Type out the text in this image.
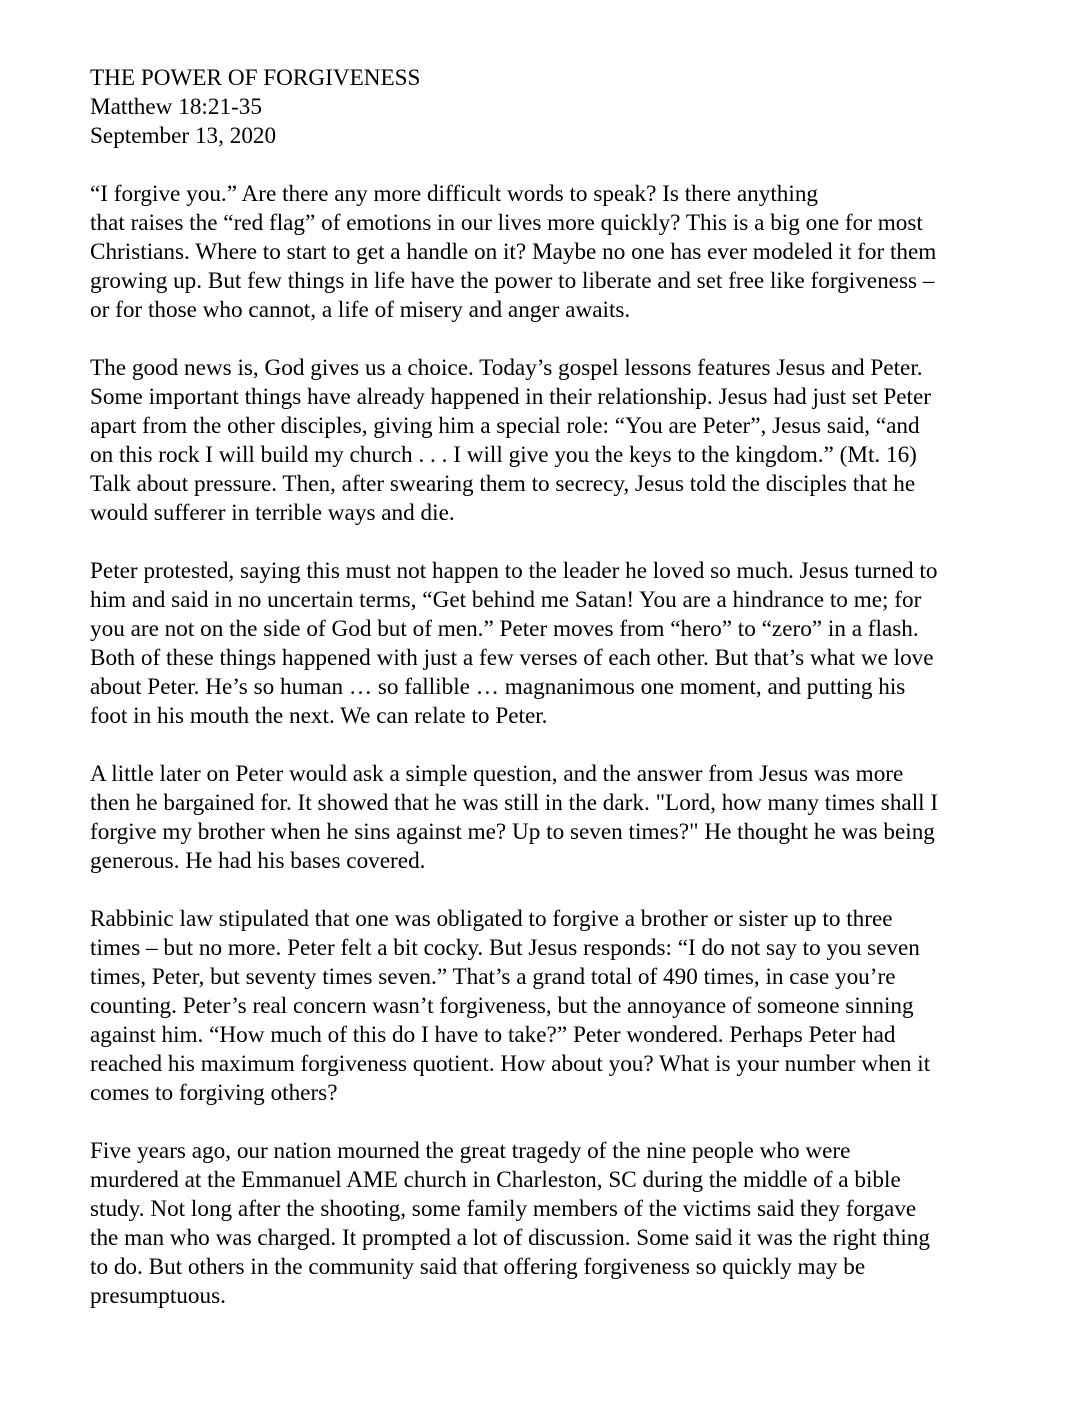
THE POWER OF FORGIVENESS
Matthew 18:21-35
September 13, 2020
“I forgive you.” Are there any more difficult words to speak? Is there anything
that raises the “red flag” of emotions in our lives more quickly? This is a big one for most
Christians. Where to start to get a handle on it? Maybe no one has ever modeled it for them
growing up. But few things in life have the power to liberate and set free like forgiveness –
or for those who cannot, a life of misery and anger awaits.
The good news is, God gives us a choice. Today’s gospel lessons features Jesus and Peter.
Some important things have already happened in their relationship. Jesus had just set Peter
apart from the other disciples, giving him a special role: “You are Peter”, Jesus said, “and
on this rock I will build my church . . . I will give you the keys to the kingdom.” (Mt. 16)
Talk about pressure. Then, after swearing them to secrecy, Jesus told the disciples that he
would sufferer in terrible ways and die.
Peter protested, saying this must not happen to the leader he loved so much. Jesus turned to
him and said in no uncertain terms, “Get behind me Satan! You are a hindrance to me; for
you are not on the side of God but of men.” Peter moves from “hero” to “zero” in a flash.
Both of these things happened with just a few verses of each other. But that’s what we love
about Peter. He’s so human … so fallible … magnanimous one moment, and putting his
foot in his mouth the next. We can relate to Peter.
A little later on Peter would ask a simple question, and the answer from Jesus was more
then he bargained for. It showed that he was still in the dark. "Lord, how many times shall I
forgive my brother when he sins against me? Up to seven times?" He thought he was being
generous. He had his bases covered.
Rabbinic law stipulated that one was obligated to forgive a brother or sister up to three
times – but no more. Peter felt a bit cocky. But Jesus responds: “I do not say to you seven
times, Peter, but seventy times seven.” That’s a grand total of 490 times, in case you’re
counting. Peter’s real concern wasn’t forgiveness, but the annoyance of someone sinning
against him. “How much of this do I have to take?” Peter wondered. Perhaps Peter had
reached his maximum forgiveness quotient. How about you? What is your number when it
comes to forgiving others?
Five years ago, our nation mourned the great tragedy of the nine people who were
murdered at the Emmanuel AME church in Charleston, SC during the middle of a bible
study. Not long after the shooting, some family members of the victims said they forgave
the man who was charged. It prompted a lot of discussion. Some said it was the right thing
to do. But others in the community said that offering forgiveness so quickly may be
presumptuous.
